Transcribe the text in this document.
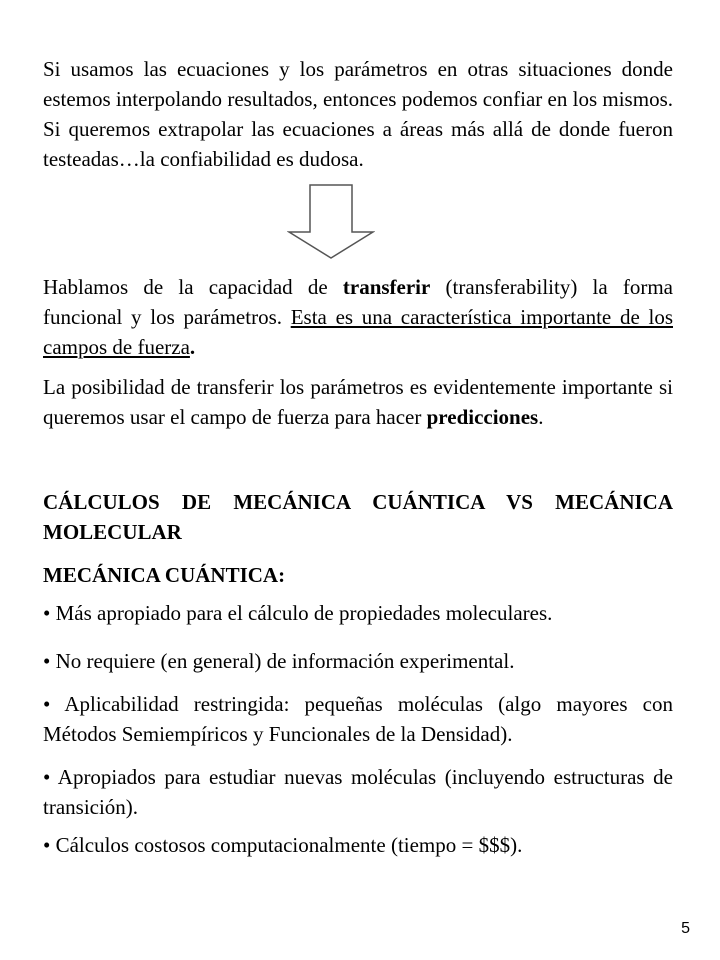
Si usamos las ecuaciones y los parámetros en otras situaciones donde estemos interpolando resultados, entonces podemos confiar en los mismos. Si queremos extrapolar las ecuaciones a áreas más allá de donde fueron testeadas…la confiabilidad es dudosa.

Hablamos de la capacidad de transferir (transferability) la forma funcional y los parámetros. Esta es una característica importante de los campos de fuerza.

La posibilidad de transferir los parámetros es evidentemente importante si queremos usar el campo de fuerza para hacer predicciones.

CÁLCULOS DE MECÁNICA CUÁNTICA VS MECÁNICA MOLECULAR

MECÁNICA CUÁNTICA:

• Más apropiado para el cálculo de propiedades moleculares.

• No requiere (en general) de información experimental.

• Aplicabilidad restringida: pequeñas moléculas (algo mayores con Métodos Semiempíricos y Funcionales de la Densidad).

• Apropiados para estudiar nuevas moléculas (incluyendo estructuras de transición).

• Cálculos costosos computacionalmente (tiempo = $$$).

5
